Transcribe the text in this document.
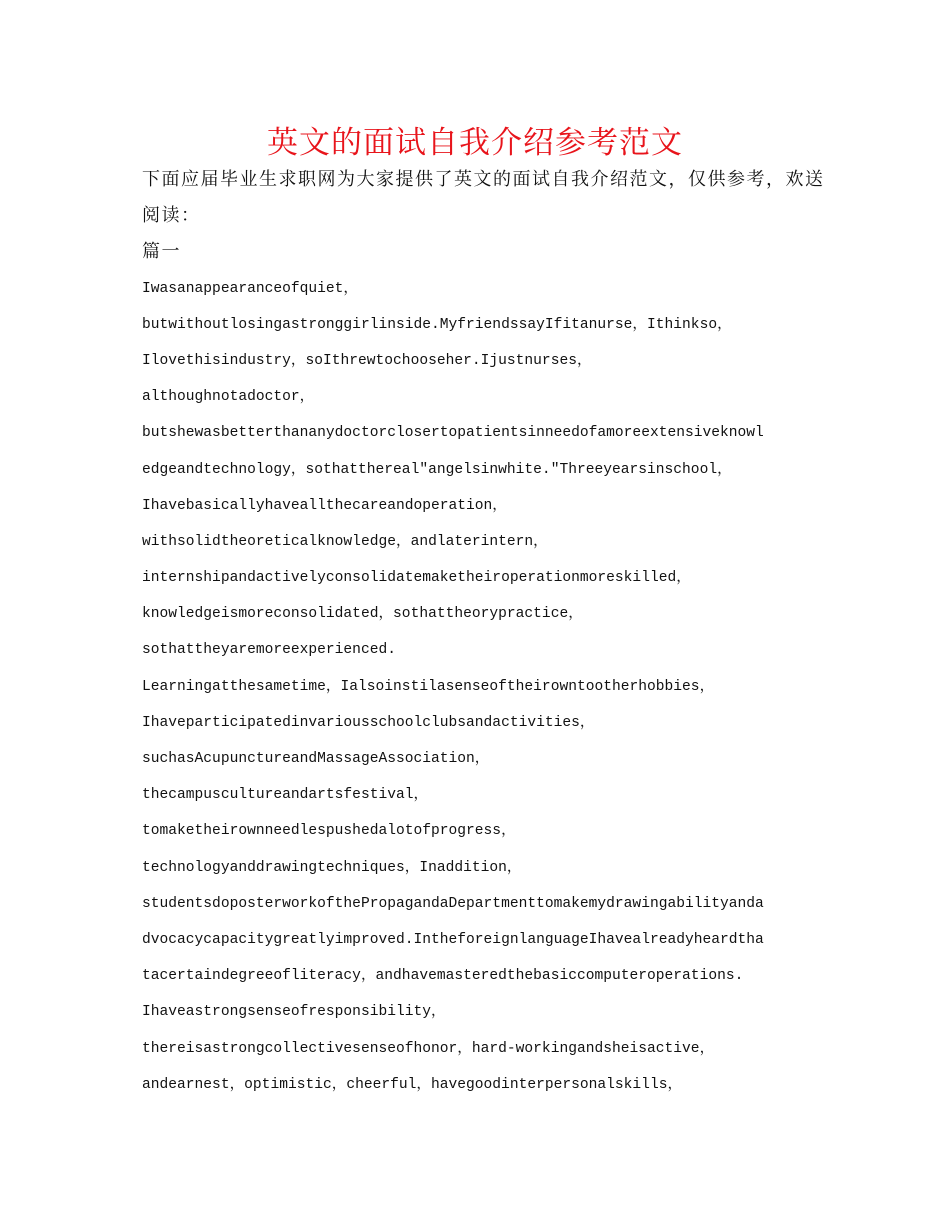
英文的面试自我介绍参考范文
下面应届毕业生求职网为大家提供了英文的面试自我介绍范文，仅供参考，欢送
阅读：
篇一
Iwasanappearanceofquiet，
butwithoutlosingastronggirlinside.MyfriendssayIfitanurse，Ithinkso，
Ilovethisindustry，soIthrewtochooseher.Ijustnurses，
althoughnotadoctor，
butshewasbetterthananydoctorclosertopatientsinneedofamoreextensiveknowl
edgeandtechnology，sothatthereal"angelsinwhite."Threeyearsinschool，
Ihavebasicallyhaveallthecareandoperation，
withsolidtheoreticalknowledge，andlaterintern，
internshipandactivelyconsolidatemaketheiroperationmoreskilled，
knowledgeismoreconsolidated，sothattheorypractice，
sothattheyaremoreexperienced.
Learningatthesametime，Ialsoinstilasenseoftheirowntootherhobbies，
Ihaveparticipatedinvariousschoolclubsandactivities，
suchasAcupunctureandMassageAssociation，
thecampuscultureandartsfestival，
tomaketheirownneedlespushedalotofprogress，
technologyanddrawingtechniques，Inaddition，
studentsdoposterworkofthePropagandaDepartmenttomakemydrawingabilityanda
dvocacycapacitygreatlyimproved.IntheforeignlanguageIhavealreadyheardtha
tacertaindegreeofliteracy，andhavemasteredthebasiccomputeroperations.
Ihaveastrongsenseofresponsibility，
thereisastrongcollectivesenseofhonor，hard-workingandsheisactive，
andearnest，optimistic，cheerful，havegoodinterpersonalskills，
